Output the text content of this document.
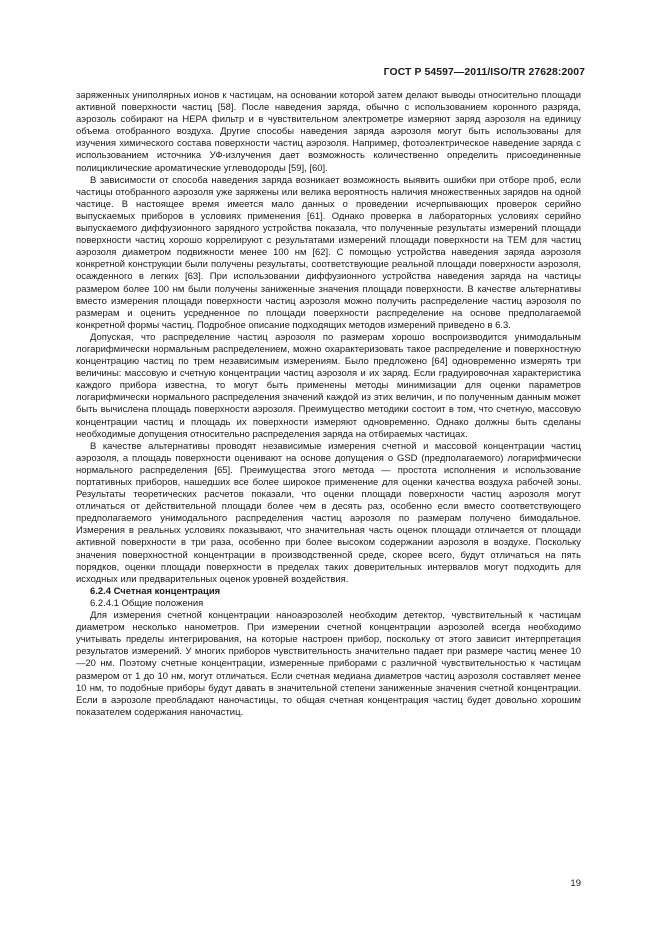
ГОСТ Р 54597—2011/ISO/TR 27628:2007

заряженных униполярных ионов к частицам, на основании которой затем делают выводы относительно площади активной поверхности частиц [58]. После наведения заряда, обычно с использованием коронного разряда, аэрозоль собирают на НЕРА фильтр и в чувствительном электрометре измеряют заряд аэрозоля на единицу объема отобранного воздуха. Другие способы наведения заряда аэрозоля могут быть использованы для изучения химического состава поверхности частиц аэрозоля. Например, фотоэлектрическое наведение заряда с использованием источника УФ-излучения дает возможность количественно определить присоединенные полициклические ароматические углеводороды [59], [60].

В зависимости от способа наведения заряда возникает возможность выявить ошибки при отборе проб, если частицы отобранного аэрозоля уже заряжены или велика вероятность наличия множественных зарядов на одной частице. В настоящее время имеется мало данных о проведении исчерпывающих проверок серийно выпускаемых приборов в условиях применения [61]. Однако проверка в лабораторных условиях серийно выпускаемого диффузионного зарядного устройства показала, что полученные результаты измерений площади поверхности частиц хорошо коррелируют с результатами измерений площади поверхности на ТЕМ для частиц аэрозоля диаметром подвижности менее 100 нм [62]. С помощью устройства наведения заряда аэрозоля конкретной конструкции были получены результаты, соответствующие реальной площади поверхности аэрозоля, осажденного в легких [63]. При использовании диффузионного устройства наведения заряда на частицы размером более 100 нм были получены заниженные значения площади поверхности. В качестве альтернативы вместо измерения площади поверхности частиц аэрозоля можно получить распределение частиц аэрозоля по размерам и оценить усредненное по площади поверхности распределение на основе предполагаемой конкретной формы частиц. Подробное описание подходящих методов измерений приведено в 6.3.

Допуская, что распределение частиц аэрозоля по размерам хорошо воспроизводится унимодальным логарифмически нормальным распределением, можно охарактеризовать такое распределение и поверхностную концентрацию частиц по трем независимым измерениям. Было предложено [64] одновременно измерять три величины: массовую и счетную концентрации частиц аэрозоля и их заряд. Если градуировочная характеристика каждого прибора известна, то могут быть применены методы минимизации для оценки параметров логарифмически нормального распределения значений каждой из этих величин, и по полученным данным может быть вычислена площадь поверхности аэрозоля. Преимущество методики состоит в том, что счетную, массовую концентрации частиц и площадь их поверхности измеряют одновременно. Однако должны быть сделаны необходимые допущения относительно распределения заряда на отбираемых частицах.

В качестве альтернативы проводят независимые измерения счетной и массовой концентрации частиц аэрозоля, а площадь поверхности оценивают на основе допущения о GSD (предполагаемого) логарифмически нормального распределения [65]. Преимущества этого метода — простота исполнения и использование портативных приборов, нашедших все более широкое применение для оценки качества воздуха рабочей зоны. Результаты теоретических расчетов показали, что оценки площади поверхности частиц аэрозоля могут отличаться от действительной площади более чем в десять раз, особенно если вместо соответствующего предполагаемого унимодального распределения частиц аэрозоля по размерам получено бимодальное. Измерения в реальных условиях показывают, что значительная часть оценок площади отличается от площади активной поверхности в три раза, особенно при более высоком содержании аэрозоля в воздухе. Поскольку значения поверхностной концентрации в производственной среде, скорее всего, будут отличаться на пять порядков, оценки площади поверхности в пределах таких доверительных интервалов могут подходить для исходных или предварительных оценок уровней воздействия.

6.2.4 Счетная концентрация

6.2.4.1 Общие положения

Для измерения счетной концентрации наноаэрозолей необходим детектор, чувствительный к частицам диаметром несколько нанометров. При измерении счетной концентрации аэрозолей всегда необходимо учитывать пределы интегрирования, на которые настроен прибор, поскольку от этого зависит интерпретация результатов измерений. У многих приборов чувствительность значительно падает при размере частиц менее 10—20 нм. Поэтому счетные концентрации, измеренные приборами с различной чувствительностью к частицам размером от 1 до 10 нм, могут отличаться. Если счетная медиана диаметров частиц аэрозоля составляет менее 10 нм, то подобные приборы будут давать в значительной степени заниженные значения счетной концентрации. Если в аэрозоле преобладают наночастицы, то общая счетная концентрация частиц будет довольно хорошим показателем содержания наночастиц.

19
